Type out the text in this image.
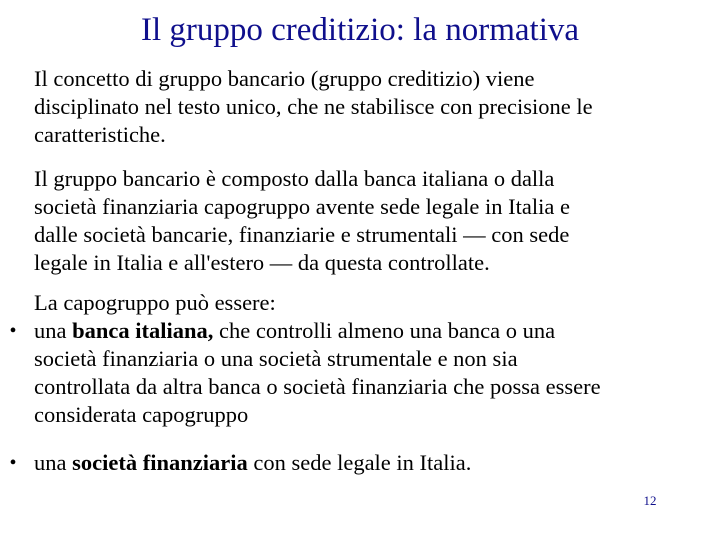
Il gruppo creditizio: la normativa
Il concetto di gruppo bancario (gruppo creditizio) viene
disciplinato nel testo unico, che ne stabilisce con precisione le
caratteristiche.
Il gruppo bancario è composto dalla banca italiana o dalla
società finanziaria capogruppo avente sede legale in Italia e
dalle società bancarie, finanziarie e strumentali — con sede
legale in Italia e all'estero — da questa controllate.
La capogruppo può essere:
• una banca italiana, che controlli almeno una banca o una
società finanziaria o una società strumentale e non sia
controllata da altra banca o società finanziaria che possa essere
considerata capogruppo
• una società finanziaria con sede legale in Italia.
12
